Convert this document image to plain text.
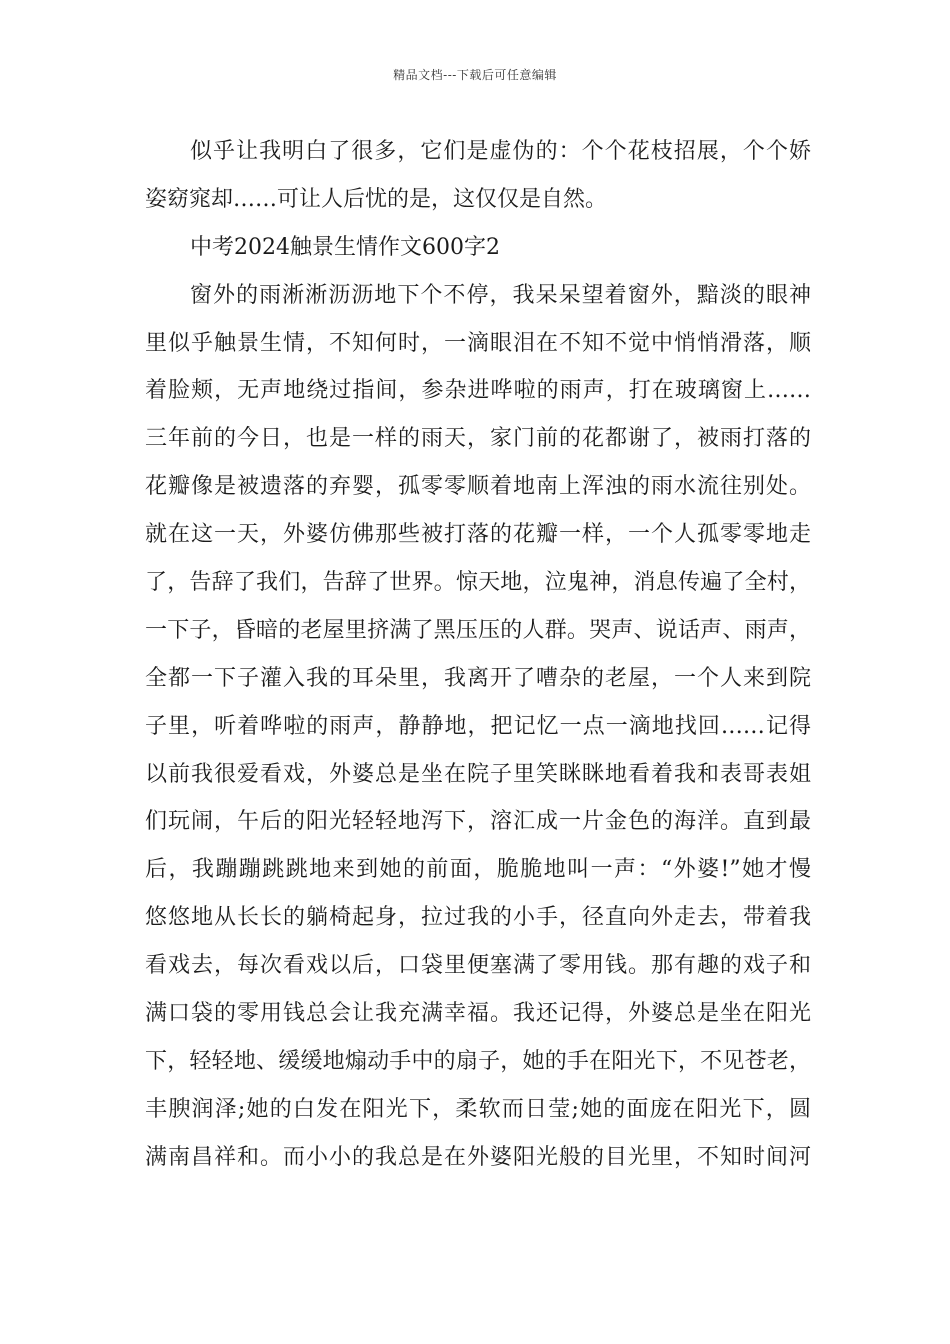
精品文档---下载后可任意编辑
似乎让我明白了很多，它们是虚伪的：个个花枝招展，个个娇
姿窈窕却……可让人后忧的是，这仅仅是自然。
中考2024触景生情作文600字2
窗外的雨淅淅沥沥地下个不停，我呆呆望着窗外，黯淡的眼神
里似乎触景生情，不知何时，一滴眼泪在不知不觉中悄悄滑落，顺
着脸颊，无声地绕过指间，参杂进哗啦的雨声，打在玻璃窗上……
三年前的今日，也是一样的雨天，家门前的花都谢了，被雨打落的
花瓣像是被遗落的弃婴，孤零零顺着地南上浑浊的雨水流往别处。
就在这一天，外婆仿佛那些被打落的花瓣一样，一个人孤零零地走
了，告辞了我们，告辞了世界。惊天地，泣鬼神，消息传遍了全村，
一下子，昏暗的老屋里挤满了黑压压的人群。哭声、说话声、雨声，
全都一下子灌入我的耳朵里，我离开了嘈杂的老屋，一个人来到院
子里，听着哗啦的雨声，静静地，把记忆一点一滴地找回……记得
以前我很爱看戏，外婆总是坐在院子里笑眯眯地看着我和表哥表姐
们玩闹，午后的阳光轻轻地泻下，溶汇成一片金色的海洋。直到最
后，我蹦蹦跳跳地来到她的前面，脆脆地叫一声：“外婆!”她才慢
悠悠地从长长的躺椅起身，拉过我的小手，径直向外走去，带着我
看戏去，每次看戏以后，口袋里便塞满了零用钱。那有趣的戏子和
满口袋的零用钱总会让我充满幸福。我还记得，外婆总是坐在阳光
下，轻轻地、缓缓地煽动手中的扇子，她的手在阳光下，不见苍老，
丰腴润泽;她的白发在阳光下，柔软而日莹;她的面庞在阳光下，圆
满南昌祥和。而小小的我总是在外婆阳光般的目光里，不知时间河
